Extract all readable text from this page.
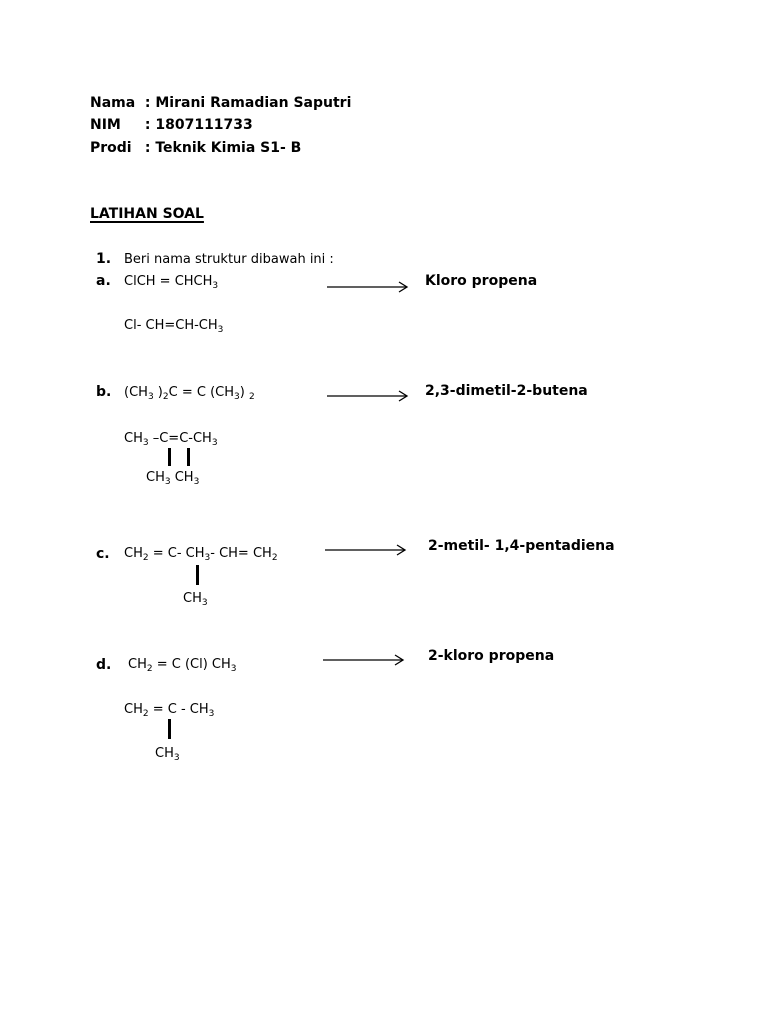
Nama : Mirani Ramadian Saputri
NIM : 1807111733
Prodi : Teknik Kimia S1- B
LATIHAN SOAL
1. Beri nama struktur dibawah ini :
a. ClCH = $CHCH_3$	Kloro propena
Cl- $CH=CH-CH_3$
b. ($CH_3$ )$_2C = C$ $(CH_3)$ $_2$	2,3-dimetil-2-butena
$CH_3$ $-C=C-CH_3$
$CH_3$ $CH_3$
c. $CH_2 = C-$ $CH_3-$ $CH= CH_2$
2-metil- 1,4-pentadiena
$CH_3$
d. $CH_2 = C$ (Cl) $CH_3$
2-kloro propena
$CH_2 = C - CH_3$
$CH_3$
